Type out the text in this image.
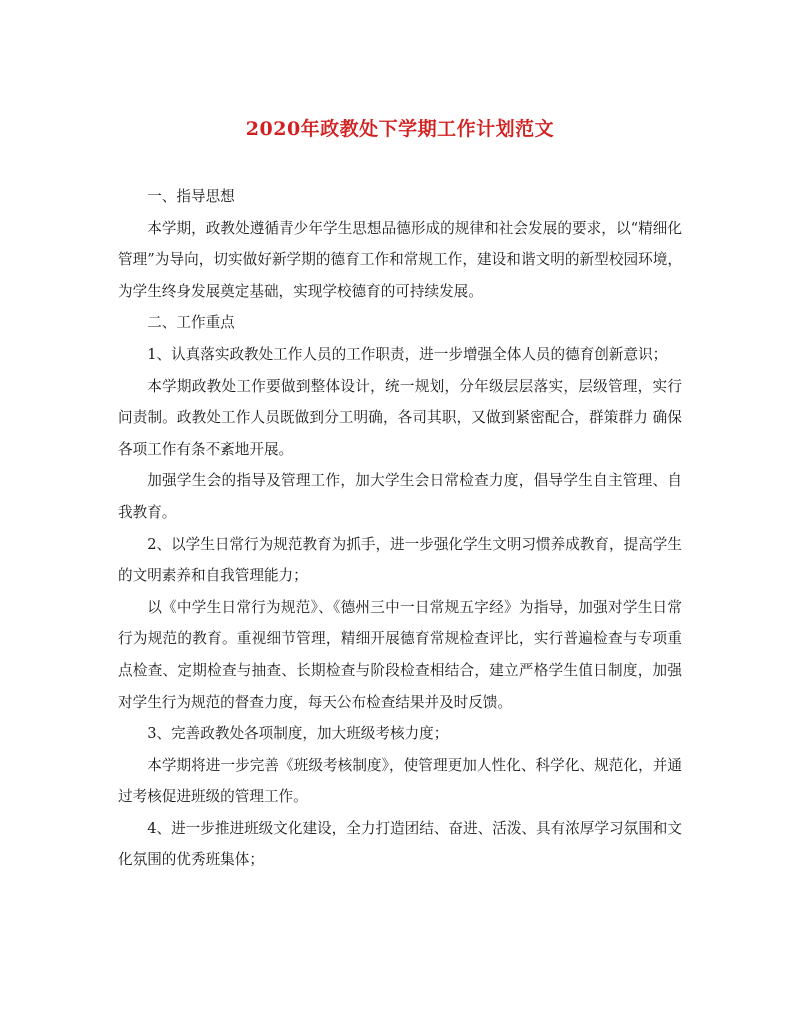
2020年政教处下学期工作计划范文

一、指导思想

本学期，政教处遵循青少年学生思想品德形成的规律和社会发展的要求，以“精细化管理”为导向，切实做好新学期的德育工作和常规工作，建设和谐文明的新型校园环境，为学生终身发展奠定基础，实现学校德育的可持续发展。

二、工作重点

1、认真落实政教处工作人员的工作职责，进一步增强全体人员的德育创新意识；

本学期政教处工作要做到整体设计，统一规划，分年级层层落实，层级管理，实行问责制。政教处工作人员既做到分工明确，各司其职，又做到紧密配合，群策群力 确保各项工作有条不紊地开展。

加强学生会的指导及管理工作，加大学生会日常检查力度，倡导学生自主管理、自我教育。

2、以学生日常行为规范教育为抓手，进一步强化学生文明习惯养成教育，提高学生的文明素养和自我管理能力；

以《中学生日常行为规范》、《德州三中一日常规五字经》为指导，加强对学生日常行为规范的教育。重视细节管理，精细开展德育常规检查评比，实行普遍检查与专项重点检查、定期检查与抽查、长期检查与阶段检查相结合，建立严格学生值日制度，加强对学生行为规范的督查力度，每天公布检查结果并及时反馈。

3、完善政教处各项制度，加大班级考核力度；

本学期将进一步完善《班级考核制度》，使管理更加人性化、科学化、规范化，并通过考核促进班级的管理工作。

4、进一步推进班级文化建设，全力打造团结、奋进、活泼、具有浓厚学习氛围和文化氛围的优秀班集体；
